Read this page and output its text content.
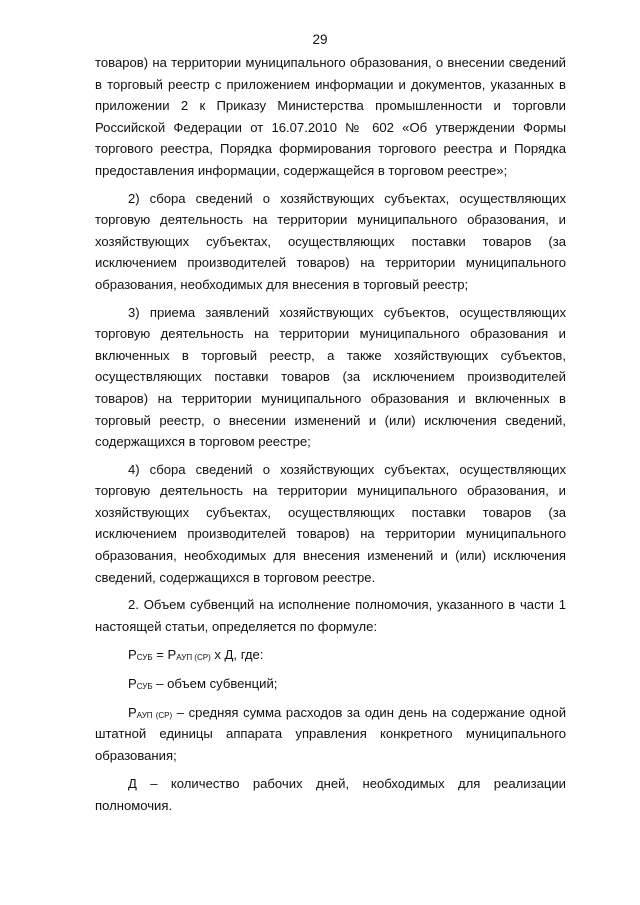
29

товаров) на территории муниципального образования, о внесении сведений в торговый реестр с приложением информации и документов, указанных в приложении 2 к Приказу Министерства промышленности и торговли Российской Федерации от 16.07.2010 № 602 «Об утверждении Формы торгового реестра, Порядка формирования торгового реестра и Порядка предоставления информации, содержащейся в торговом реестре»;

2) сбора сведений о хозяйствующих субъектах, осуществляющих торговую деятельность на территории муниципального образования, и хозяйствующих субъектах, осуществляющих поставки товаров (за исключением производителей товаров) на территории муниципального образования, необходимых для внесения в торговый реестр;

3) приема заявлений хозяйствующих субъектов, осуществляющих торговую деятельность на территории муниципального образования и включенных в торговый реестр, а также хозяйствующих субъектов, осуществляющих поставки товаров (за исключением производителей товаров) на территории муниципального образования и включенных в торговый реестр, о внесении изменений и (или) исключения сведений, содержащихся в торговом реестре;

4) сбора сведений о хозяйствующих субъектах, осуществляющих торговую деятельность на территории муниципального образования, и хозяйствующих субъектах, осуществляющих поставки товаров (за исключением производителей товаров) на территории муниципального образования, необходимых для внесения изменений и (или) исключения сведений, содержащихся в торговом реестре.

2. Объем субвенций на исполнение полномочия, указанного в части 1 настоящей статьи, определяется по формуле:

$Р_{СУБ} = Р_{АУП (СР)}$ х Д, где:

$Р_{СУБ}$ – объем субвенций;

$Р_{АУП (СР)}$ – средняя сумма расходов за один день на содержание одной штатной единицы аппарата управления конкретного муниципального образования;

Д – количество рабочих дней, необходимых для реализации полномочия.
